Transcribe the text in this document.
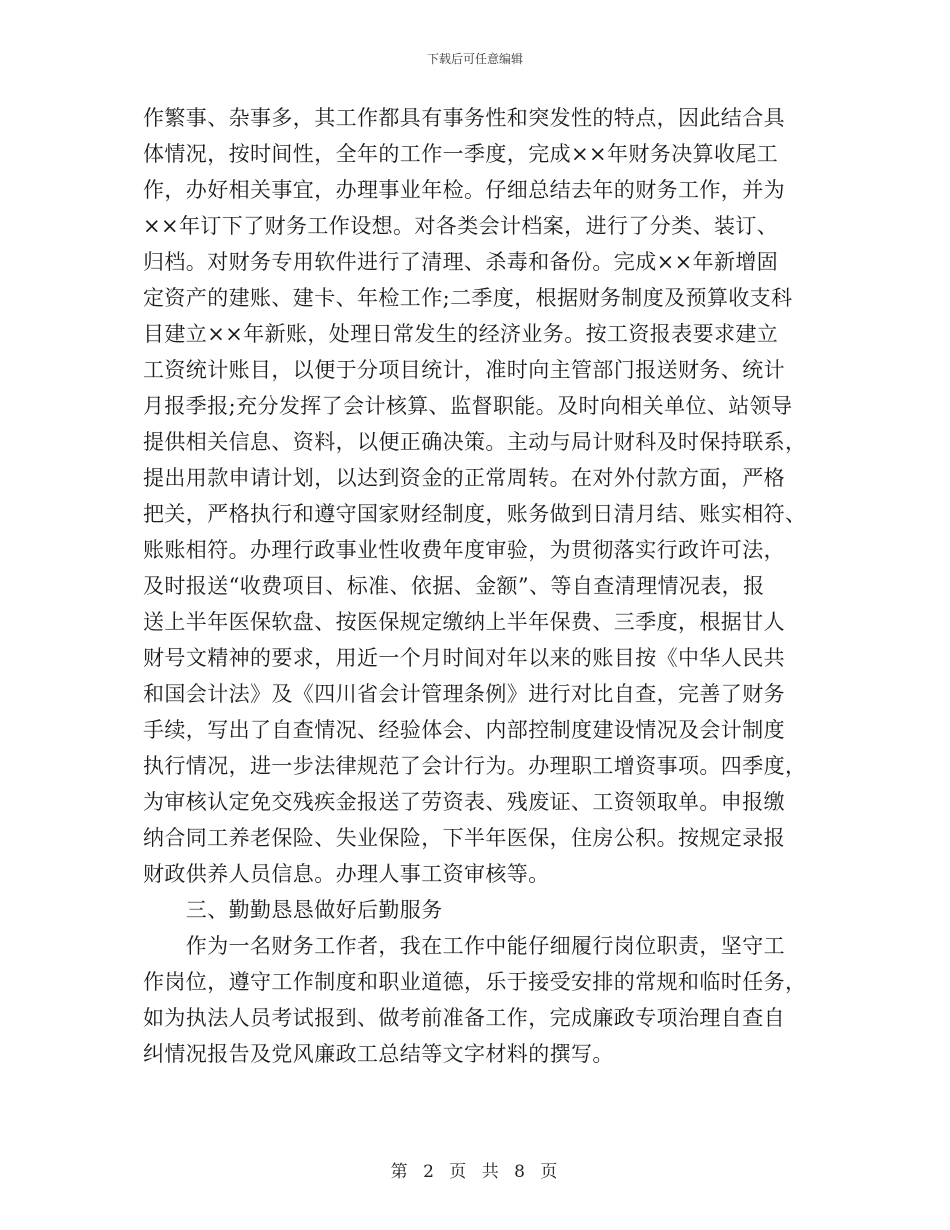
下载后可任意编辑
作繁事、杂事多，其工作都具有事务性和突发性的特点，因此结合具
体情况，按时间性，全年的工作一季度，完成××年财务决算收尾工
作，办好相关事宜，办理事业年检。仔细总结去年的财务工作，并为
××年订下了财务工作设想。对各类会计档案，进行了分类、装订、
归档。对财务专用软件进行了清理、杀毒和备份。完成××年新增固
定资产的建账、建卡、年检工作;二季度，根据财务制度及预算收支科
目建立××年新账，处理日常发生的经济业务。按工资报表要求建立
工资统计账目，以便于分项目统计，准时向主管部门报送财务、统计
月报季报;充分发挥了会计核算、监督职能。及时向相关单位、站领导
提供相关信息、资料，以便正确决策。主动与局计财科及时保持联系，
提出用款申请计划，以达到资金的正常周转。在对外付款方面，严格
把关，严格执行和遵守国家财经制度，账务做到日清月结、账实相符、
账账相符。办理行政事业性收费年度审验，为贯彻落实行政许可法，
及时报送“收费项目、标准、依据、金额”、等自查清理情况表，报
送上半年医保软盘、按医保规定缴纳上半年保费、三季度，根据甘人
财号文精神的要求，用近一个月时间对年以来的账目按《中华人民共
和国会计法》及《四川省会计管理条例》进行对比自查，完善了财务
手续，写出了自查情况、经验体会、内部控制度建设情况及会计制度
执行情况，进一步法律规范了会计行为。办理职工增资事项。四季度，
为审核认定免交残疾金报送了劳资表、残废证、工资领取单。申报缴
纳合同工养老保险、失业保险，下半年医保，住房公积。按规定录报
财政供养人员信息。办理人事工资审核等。
　　三、勤勤恳恳做好后勤服务
　　作为一名财务工作者，我在工作中能仔细履行岗位职责，坚守工
作岗位，遵守工作制度和职业道德，乐于接受安排的常规和临时任务，
如为执法人员考试报到、做考前准备工作，完成廉政专项治理自查自
纠情况报告及党风廉政工总结等文字材料的撰写。
第 2 页 共 8 页
